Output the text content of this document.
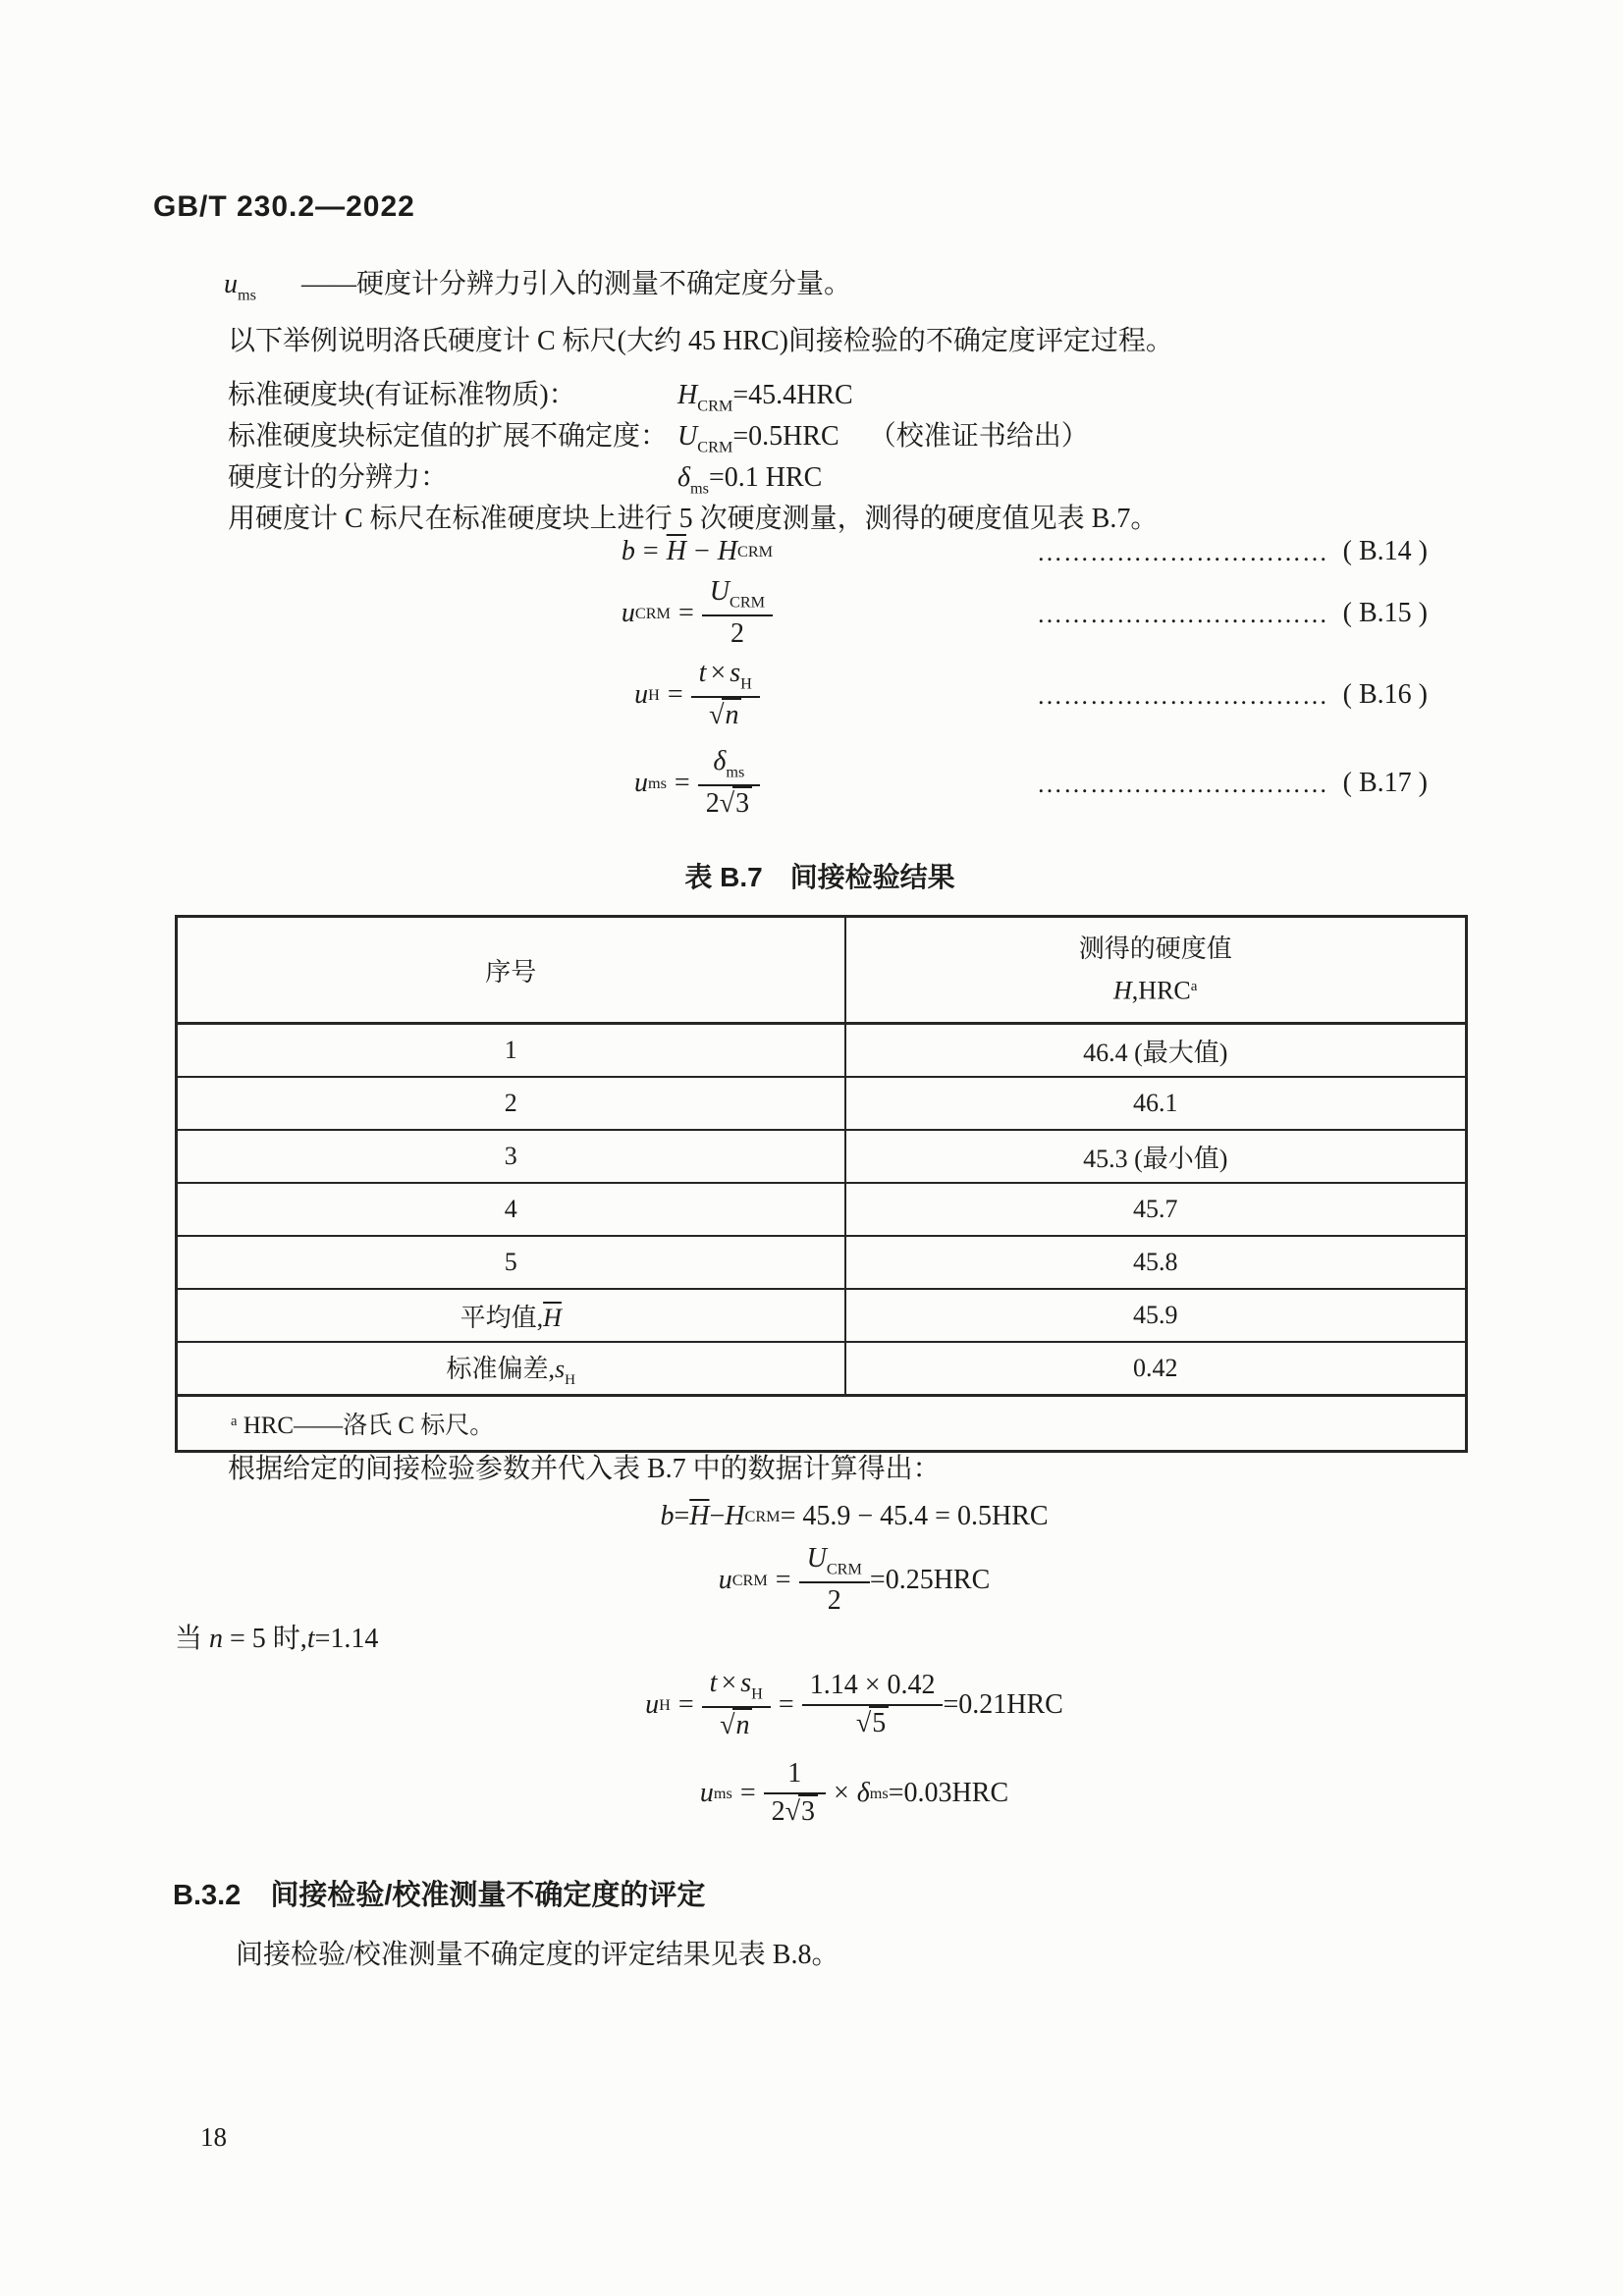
GB/T 230.2—2022
$u_{ms}$ ——硬度计分辨力引入的测量不确定度分量。
以下举例说明洛氏硬度计 C 标尺(大约 45 HRC)间接检验的不确定度评定过程。
标准硬度块(有证标准物质)：	$H_{CRM}=45.4HRC$
标准硬度块标定值的扩展不确定度： $U_{CRM}=0.5HRC$ （校准证书给出）
硬度计的分辨力：	$\delta_{ms}=0.1$ HRC
用硬度计 C 标尺在标准硬度块上进行 5 次硬度测量，测得的硬度值见表 B.7。
$b = \overline{H} - H$ CRM	…………………………… ( B.14 )
u CRM = $\frac{U_{CRM}}{2}$	…………………………… ( B.15 )
u $H = \frac{t \times s_H}{√n}$	…………………………… ( B.16 )
u ms = $\frac{\delta_{ms}}{2√3}$	…………………………… ( B.17 )
表 B.7　间接检验结果
序号	测得的硬度值
H,HRC$^a$

1	46.4 (最大值)
2	46.1
3	45.3 (最小值)
4	45.7
5	45.8
平均值$,\overline{H}$	45.9
标准偏差$,s_H$	0.42
$^a$ HRC——洛氏 C 标尺。	
根据给定的间接检验参数并代入表 B.7 中的数据计算得出：
$b = \overline{H} - H$ CRM = 45.9 − 45.4 = 0.5HRC
u CRM = $\frac{U_{CRM}}{2} =0.25HRC$
当 n = 5 时,t=1.14
u $H = \frac{t \times s_H}{√n} = \frac{1.14 \times 0.42}{√5} =0.21HRC$
u ms = $\frac{1}{2√3} \times \delta$ ms =0.03HRC
B.3.2 间接检验/校准测量不确定度的评定
间接检验/校准测量不确定度的评定结果见表 B.8。
18
